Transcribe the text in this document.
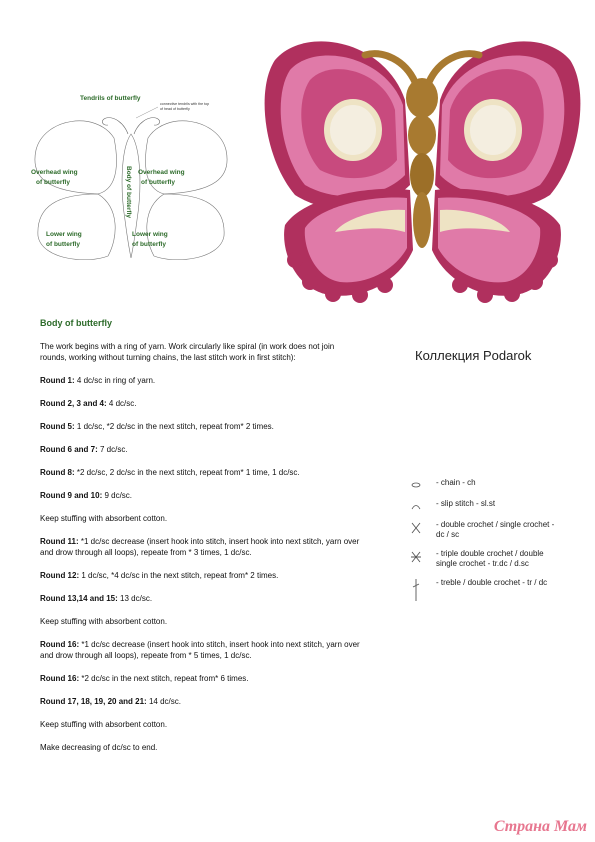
Tendrils of butterfly
connective tendrils with the top
of head of butterfly
Overhead wing
of butterfly
Overhead wing
of butterfly
Lower wing
of butterfly
Lower wing
of butterfly
Body of butterfly
Коллекция Podarok
Body of butterfly
The work begins with a ring of yarn. Work circularly like spiral (in work does not join rounds, working without turning chains, the last stitch work in first stitch):
Round 1: 4 dc/sc in ring of yarn.
Round 2, 3 and 4: 4 dc/sc.
Round 5: 1 dc/sc, *2 dc/sc in the next stitch, repeat from* 2 times.
Round 6 and 7: 7 dc/sc.
Round 8: *2 dc/sc, 2 dc/sc in the next stitch, repeat from* 1 time, 1 dc/sc.
Round 9 and 10: 9 dc/sc.
Keep stuffing with absorbent cotton.
Round 11: *1 dc/sc decrease (insert hook into stitch, insert hook into next stitch, yarn over and drow through all loops), repeate from * 3 times, 1 dc/sc.
Round 12: 1 dc/sc, *4 dc/sc in the next stitch, repeat from* 2 times.
Round 13,14 and 15: 13 dc/sc.
Keep stuffing with absorbent cotton.
Round 16: *1 dc/sc decrease (insert hook into stitch, insert hook into next stitch, yarn over and drow through all loops), repeate from * 5 times, 1 dc/sc.
Round 16: *2 dc/sc in the next stitch, repeat from* 6 times.
Round 17, 18, 19, 20 and 21: 14 dc/sc.
Keep stuffing with absorbent cotton.
Make decreasing of dc/sc to end.
- chain - ch
- slip stitch - sl.st
- double crochet / single crochet - dc / sc
- triple double crochet / double single crochet - tr.dc / d.sc
- treble / double crochet - tr / dc
Страна Мам
